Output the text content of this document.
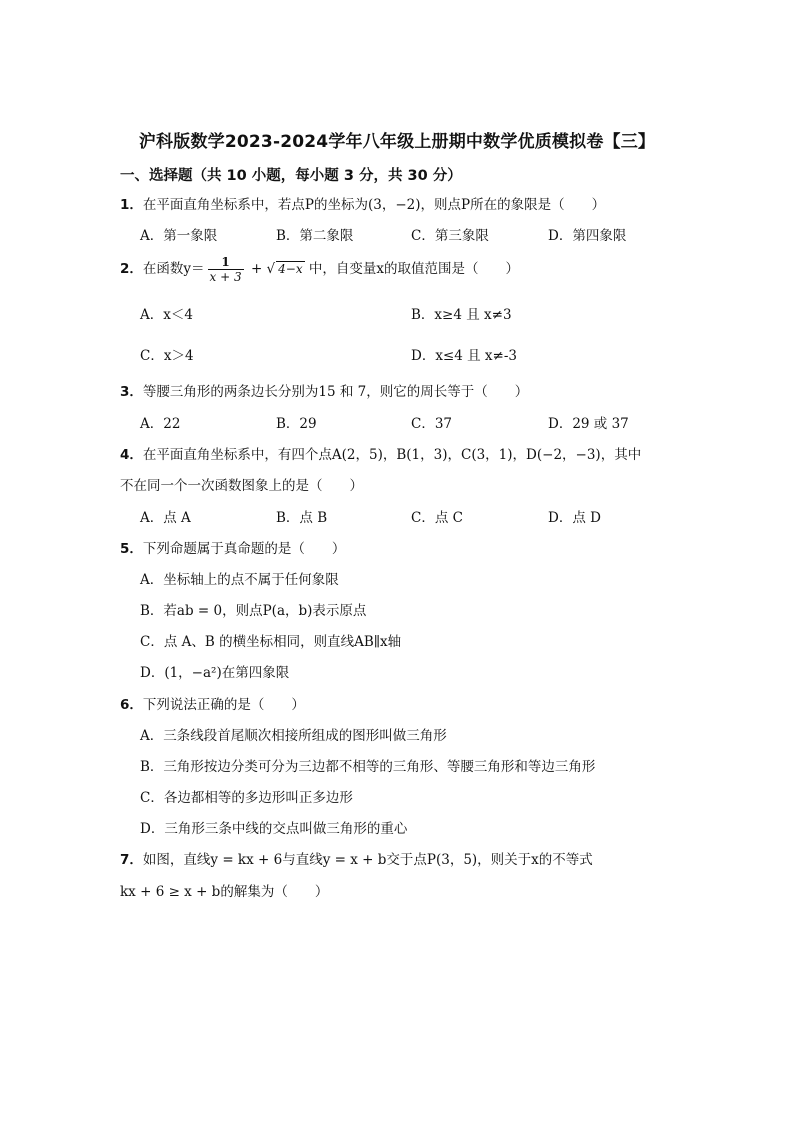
沪科版数学2023-2024学年八年级上册期中数学优质模拟卷【三】
一、选择题（共 10 小题，每小题 3 分，共 30 分）
1．在平面直角坐标系中，若点P的坐标为(3，−2)，则点P所在的象限是（　　）
A．第一象限	B．第二象限	C．第三象限	D．第四象限
2．在函数$y= \frac{1}{x + 3}$ + √ 4−x 中，自变量x的取值范围是（　　）
A．x＜4	B．x≥4 且 x≠3
C．x＞4	D．x≤4 且 x≠-3
3．等腰三角形的两条边长分别为15 和 7，则它的周长等于（　　）
A．22	B．29	C．37	D．29 或 37
4．在平面直角坐标系中，有四个点A(2，5)，B(1，3)，C(3，1)，D(−2，−3)，其中
不在同一个一次函数图象上的是（　　）
A．点 A	B．点 B	C．点 C	D．点 D
5．下列命题属于真命题的是（　　）
A．坐标轴上的点不属于任何象限
B．若ab = 0，则点P(a，b)表示原点
C．点 A、B 的横坐标相同，则直线AB∥x轴
D．(1，−a²)在第四象限
6．下列说法正确的是（　　）
A．三条线段首尾顺次相接所组成的图形叫做三角形
B．三角形按边分类可分为三边都不相等的三角形、等腰三角形和等边三角形
C．各边都相等的多边形叫正多边形
D．三角形三条中线的交点叫做三角形的重心
7．如图，直线y = kx + 6与直线y = x + b交于点P(3，5)，则关于x的不等式
kx + 6 ≥ x + b的解集为（　　）
